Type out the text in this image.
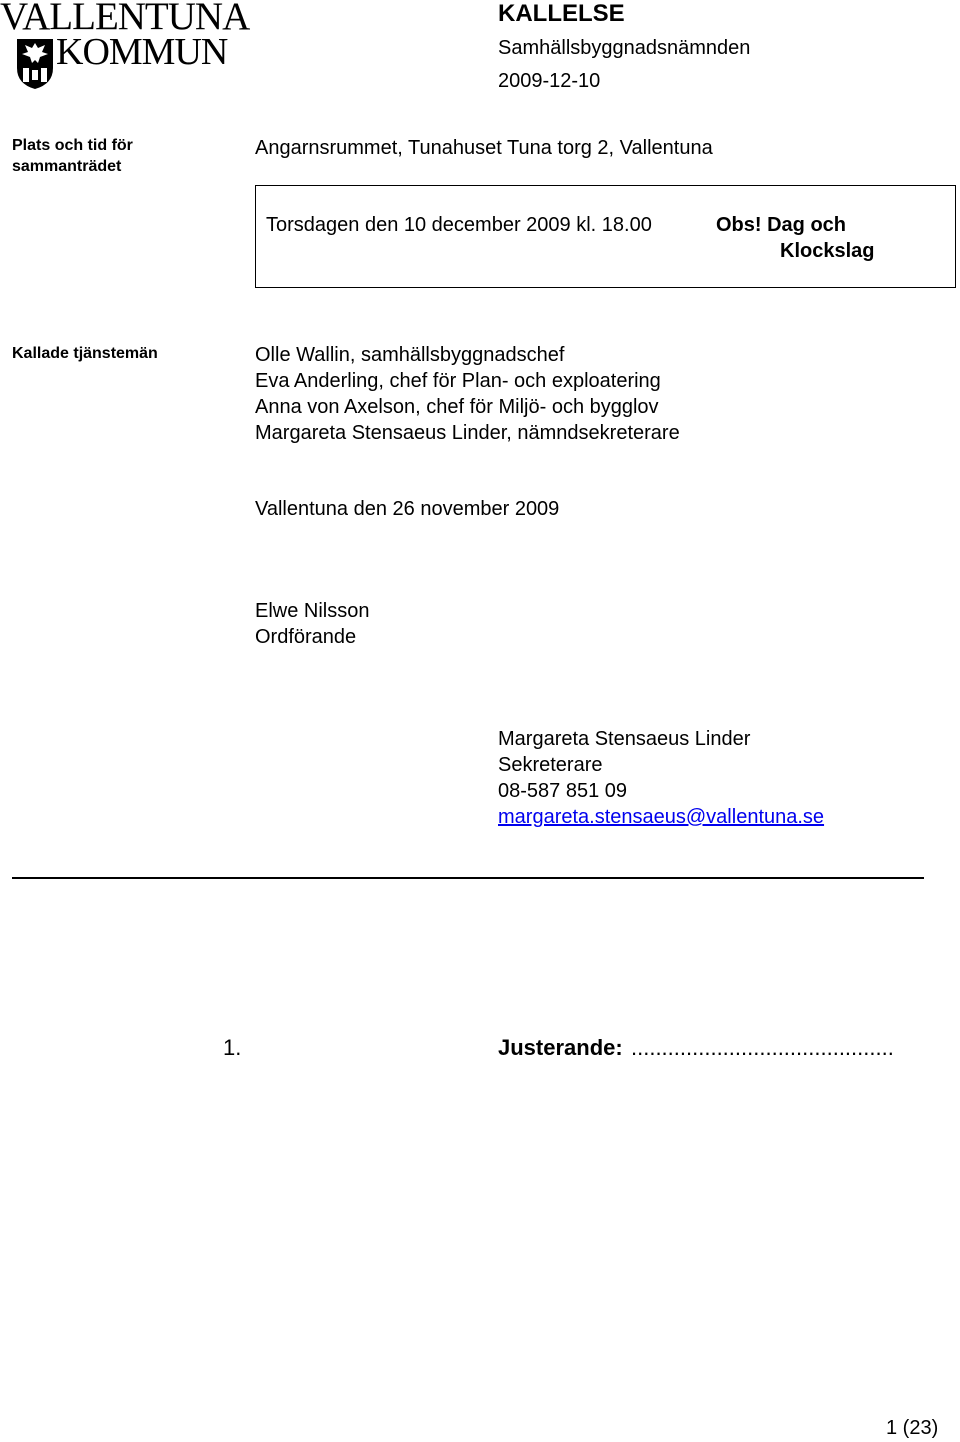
VALLENTUNA
KOMMUN
KALLELSE
Samhällsbyggnadsnämnden
2009-12-10
Plats och tid för sammanträdet
Angarnsrummet, Tunahuset Tuna torg 2, Vallentuna
Torsdagen den 10 december 2009 kl. 18.00	Obs! Dag och
Klockslag
Kallade tjänstemän	Olle Wallin, samhällsbyggnadschef
Eva Anderling, chef för Plan- och exploatering
Anna von Axelson, chef för Miljö- och bygglov
Margareta Stensaeus Linder, nämndsekreterare
Vallentuna den 26 november 2009
Elwe Nilsson
Ordförande
Margareta Stensaeus Linder
Sekreterare
08-587 851 09
margareta.stensaeus@vallentuna.se
1.	Justerande: ...........................................
1 (23)
